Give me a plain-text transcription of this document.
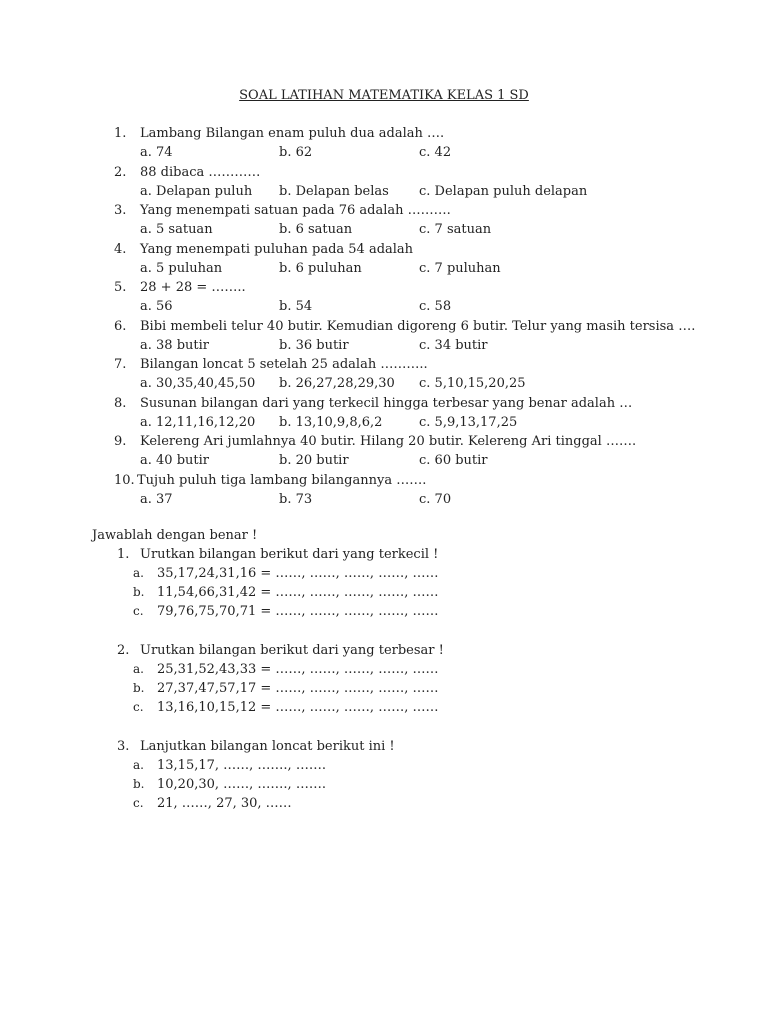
SOAL LATIHAN MATEMATIKA KELAS 1 SD
1. Lambang Bilangan enam puluh dua adalah ….
a. 74	b. 62	c. 42
2. 88 dibaca …………
a. Delapan puluh b. Delapan belas c. Delapan puluh delapan
3. Yang menempati satuan pada 76 adalah ……….
a. 5 satuan	b. 6 satuan	c. 7 satuan
4. Yang menempati puluhan pada 54 adalah
a. 5 puluhan	b. 6 puluhan	c. 7 puluhan
5. 28 + 28 = ……..
a. 56	b. 54	c. 58
6. Bibi membeli telur 40 butir. Kemudian digoreng 6 butir. Telur yang masih tersisa ….
a. 38 butir	b. 36 butir	c. 34 butir
7. Bilangan loncat 5 setelah 25 adalah ………..
a. 30,35,40,45,50 b. 26,27,28,29,30 c. 5,10,15,20,25
8. Susunan bilangan dari yang terkecil hingga terbesar yang benar adalah …
a. 12,11,16,12,20 b. 13,10,9,8,6,2	c. 5,9,13,17,25
9. Kelereng Ari jumlahnya 40 butir. Hilang 20 butir. Kelereng Ari tinggal …….
a. 40 butir	b. 20 butir	c. 60 butir
10. Tujuh puluh tiga lambang bilangannya …….
a. 37	b. 73	c. 70
Jawablah dengan benar !
1. Urutkan bilangan berikut dari yang terkecil !
a. 35,17,24,31,16 = ……, ……, ……, ……, ……
b. 11,54,66,31,42 = ……, ……, ……, ……, ……
c. 79,76,75,70,71 = ……, ……, ……, ……, ……
2. Urutkan bilangan berikut dari yang terbesar !
a. 25,31,52,43,33 = ……, ……, ……, ……, ……
b. 27,37,47,57,17 = ……, ……, ……, ……, ……
c. 13,16,10,15,12 = ……, ……, ……, ……, ……
3. Lanjutkan bilangan loncat berikut ini !
a. 13,15,17, ……, ……., …….
b. 10,20,30, ……, ……., …….
c. 21, ……, 27, 30, ……
